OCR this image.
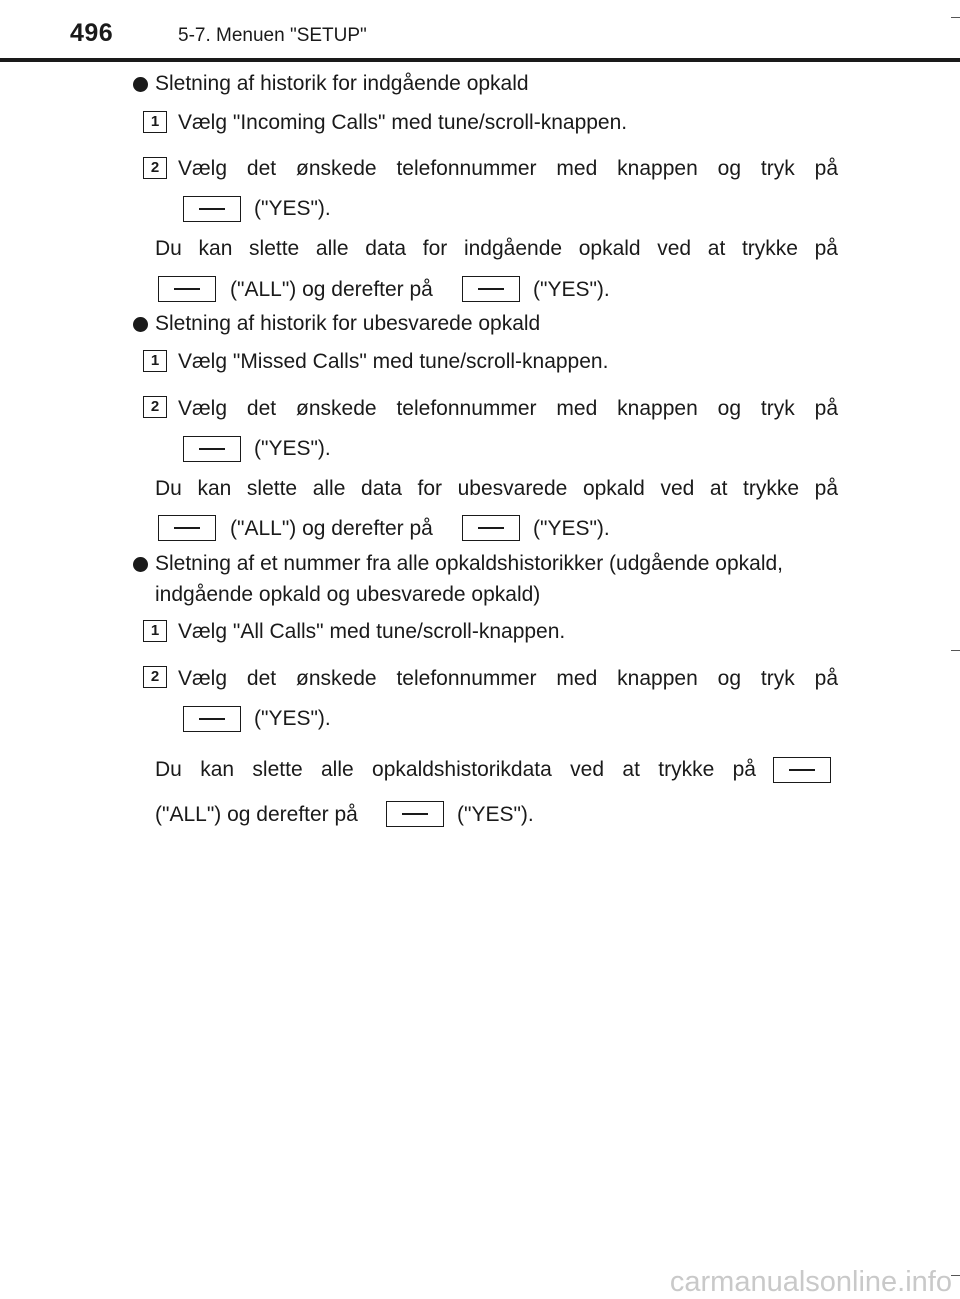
496	5-7. Menuen "SETUP"
Sletning af historik for indgående opkald
1 Vælg "Incoming Calls" med tune/scroll-knappen.
2 Vælg det ønskede telefonnummer med knappen og tryk på
("YES").
Du kan slette alle data for indgående opkald ved at trykke på
("ALL") og derefter på	("YES").
Sletning af historik for ubesvarede opkald
1 Vælg "Missed Calls" med tune/scroll-knappen.
2 Vælg det ønskede telefonnummer med knappen og tryk på
("YES").
Du kan slette alle data for ubesvarede opkald ved at trykke på
("ALL") og derefter på	("YES").
Sletning af et nummer fra alle opkaldshistorikker (udgående opkald,
indgående opkald og ubesvarede opkald)
1 Vælg "All Calls" med tune/scroll-knappen.
2 Vælg det ønskede telefonnummer med knappen og tryk på
("YES").
Du kan slette alle opkaldshistorikdata ved at trykke på
("ALL") og derefter på	("YES").
carmanualsonline.info
